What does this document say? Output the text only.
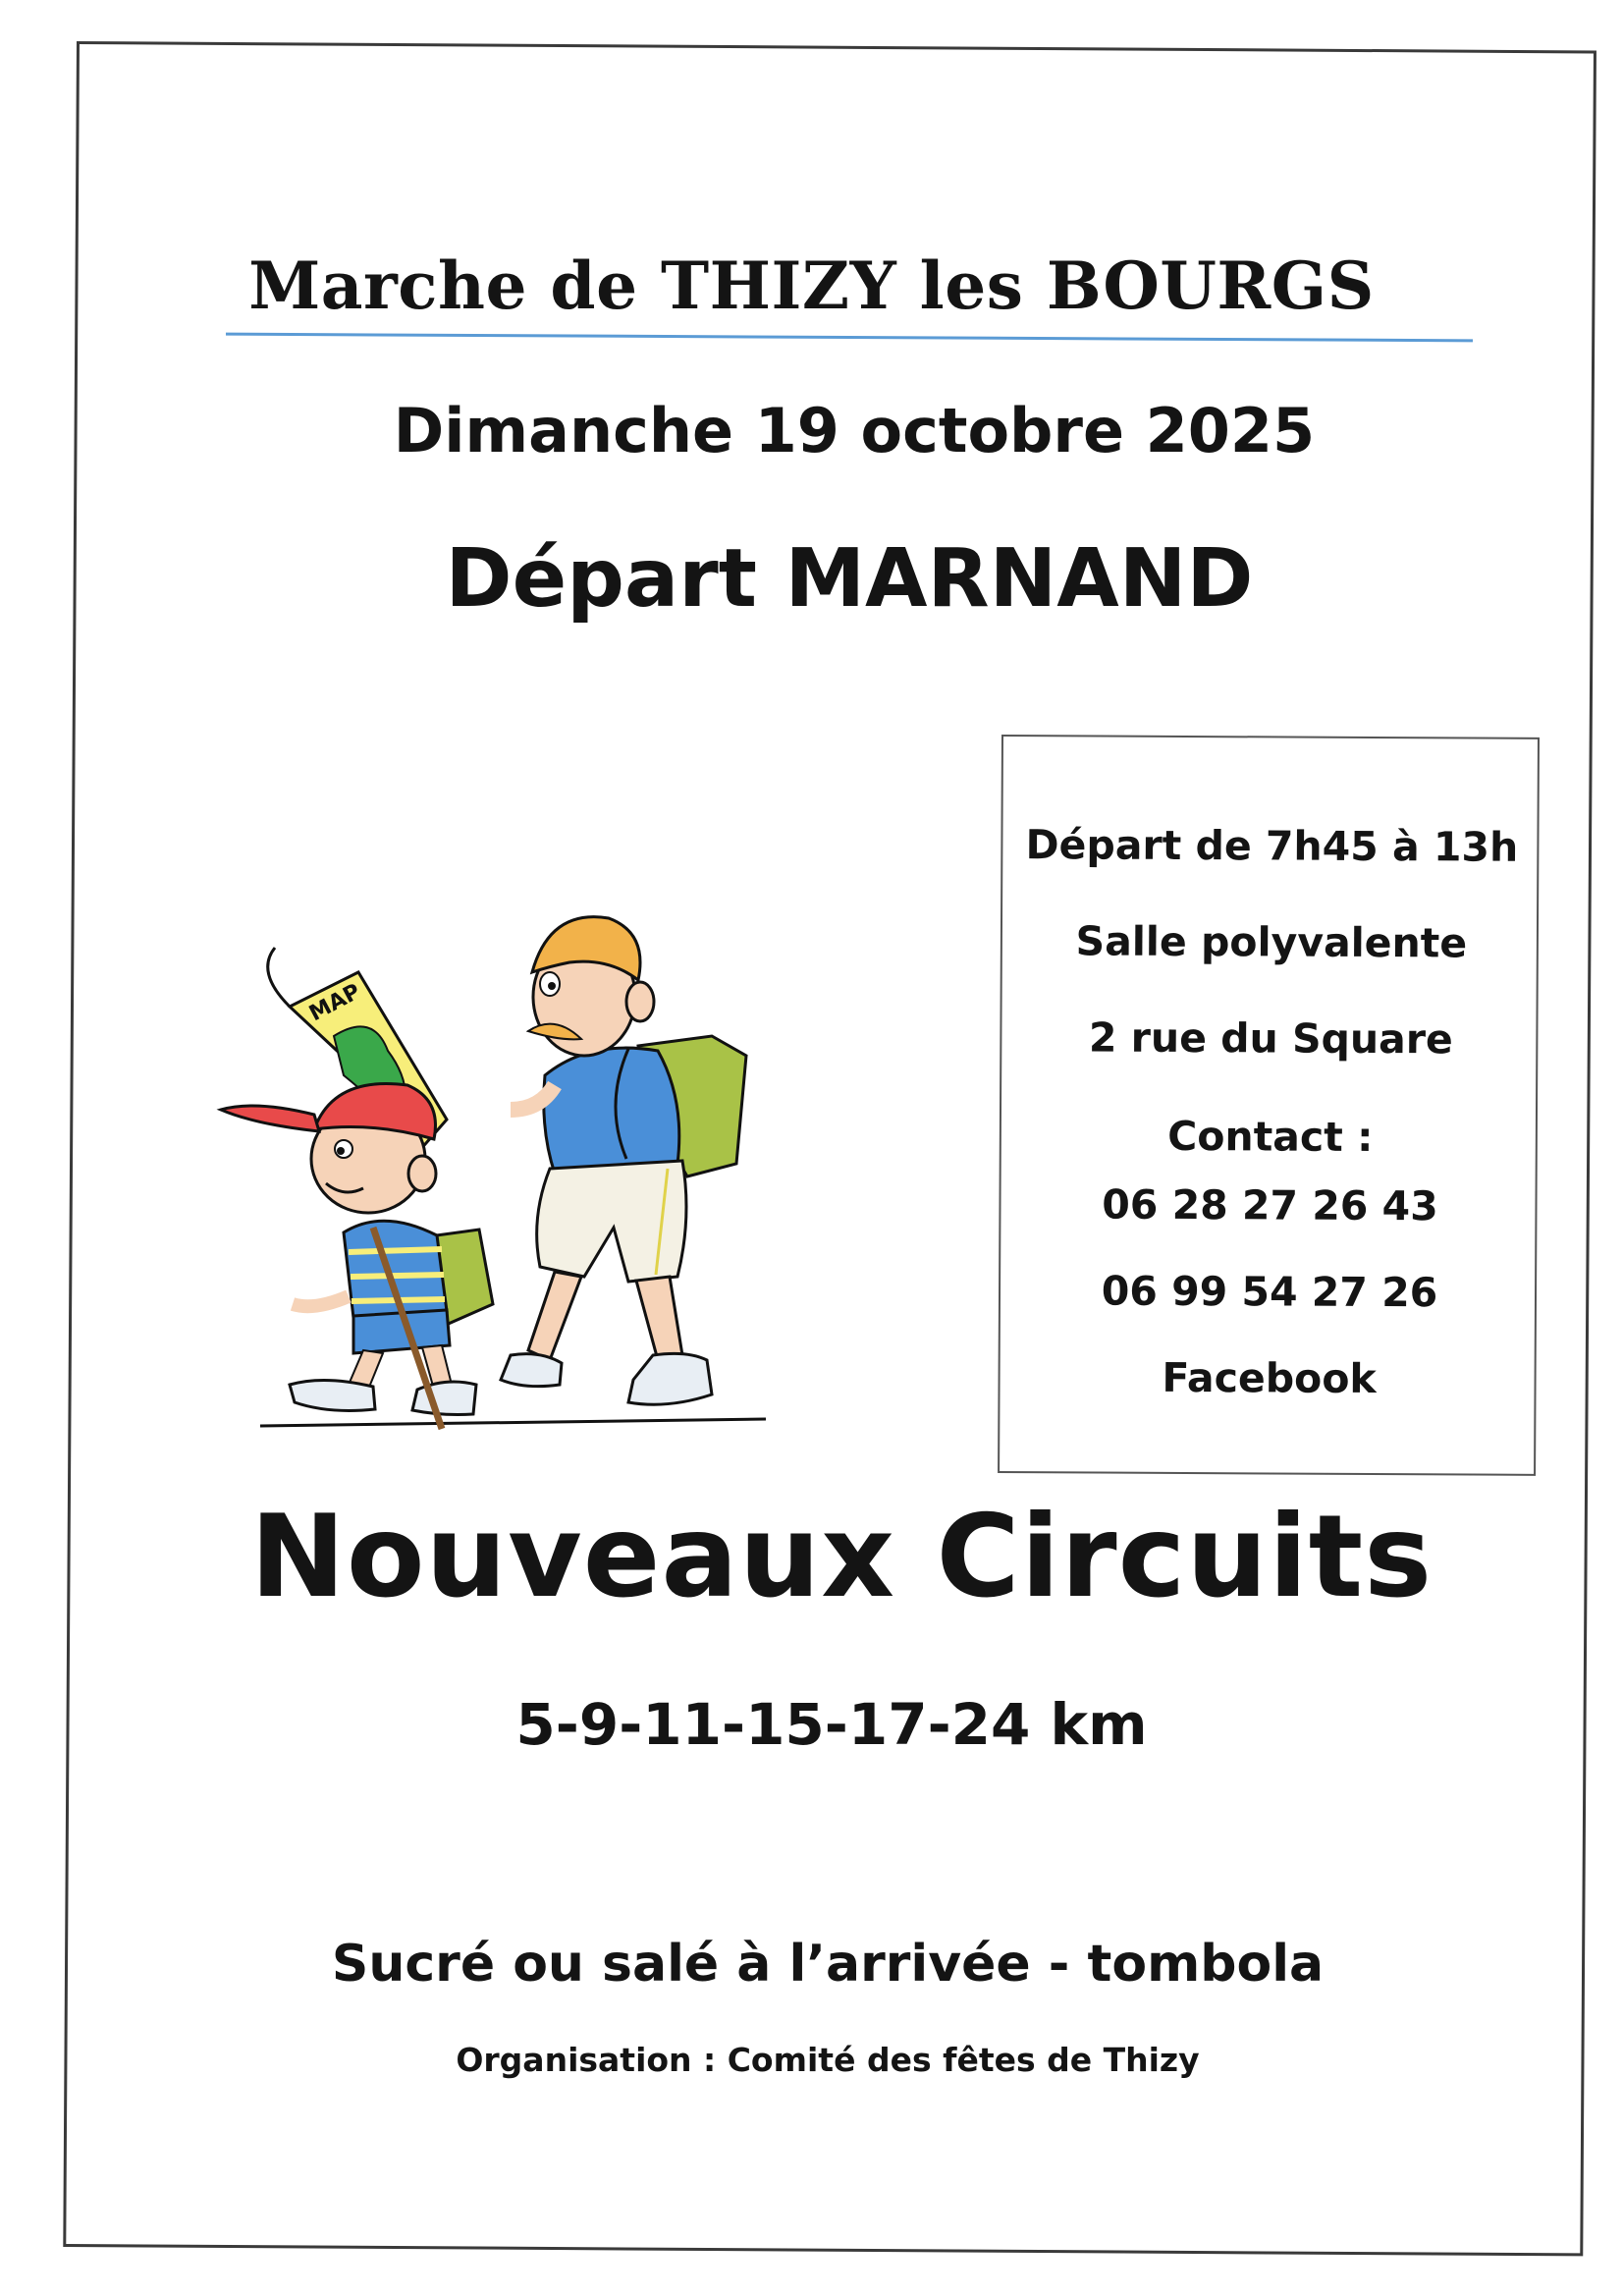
Marche de THIZY les BOURGS
Dimanche 19 octobre 2025
Départ MARNAND
MAP
Départ de 7h45 à 13h
Salle polyvalente
2 rue du Square
Contact :
06 28 27 26 43
06 99 54 27 26
Facebook
Nouveaux Circuits
5-9-11-15-17-24 km
Sucré ou salé à l’arrivée - tombola
Organisation : Comité des fêtes de Thizy
